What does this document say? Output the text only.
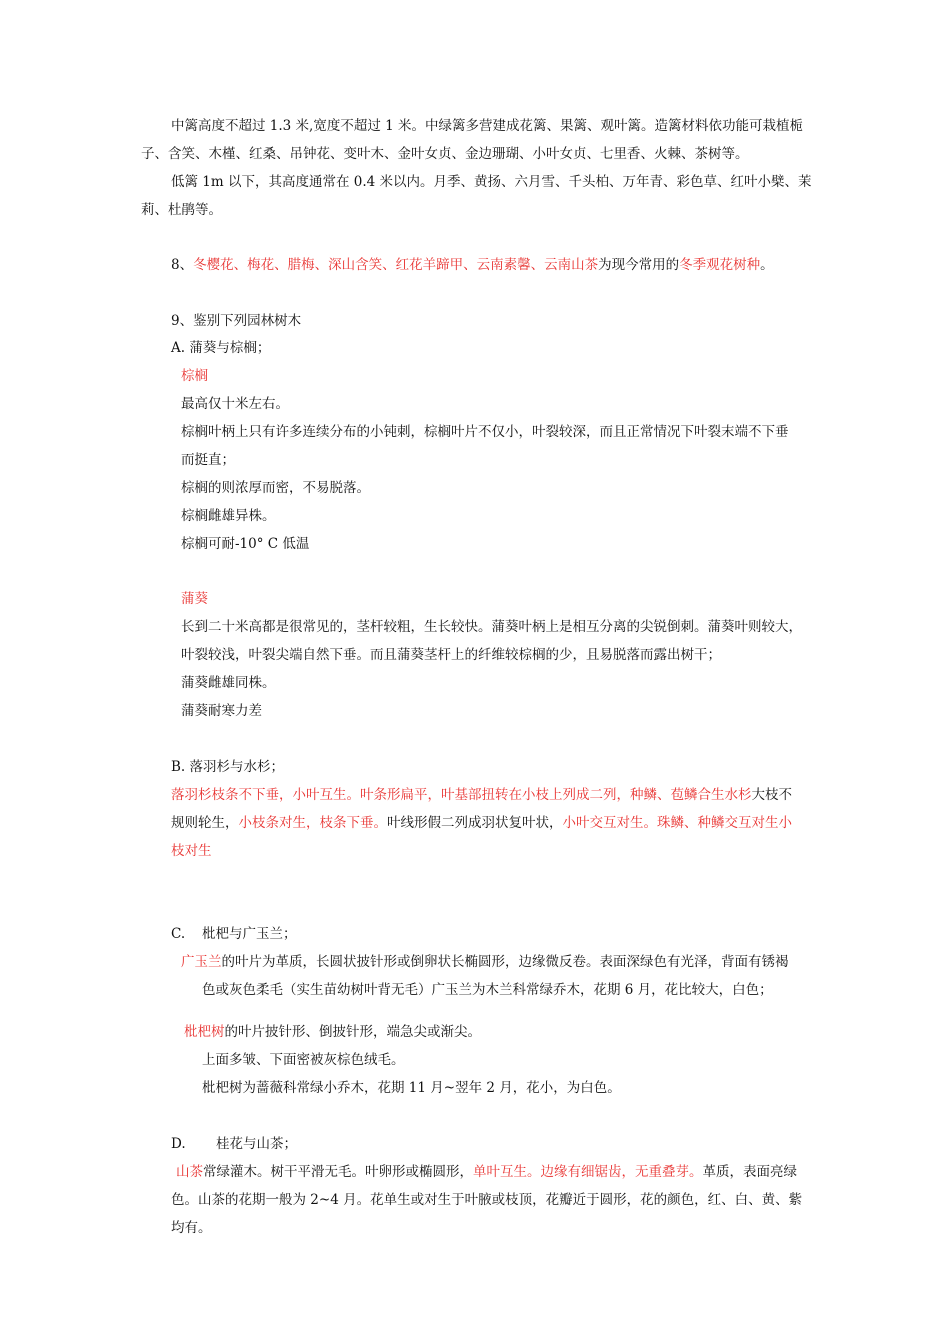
中篱高度不超过 1.3 米,宽度不超过 1 米。中绿篱多营建成花篱、果篱、观叶篱。造篱材料依功能可栽植栀
子、含笑、木槿、红桑、吊钟花、变叶木、金叶女贞、金边珊瑚、小叶女贞、七里香、火棘、茶树等。
低篱 1m 以下，其高度通常在 0.4 米以内。月季、黄扬、六月雪、千头柏、万年青、彩色草、红叶小檗、茉
莉、杜鹃等。
8、冬樱花、梅花、腊梅、深山含笑、红花羊蹄甲、云南素馨、云南山茶为现今常用的冬季观花树种。
9、鉴别下列园林树木
A. 蒲葵与棕榈；
棕榈
最高仅十米左右。
棕榈叶柄上只有许多连续分布的小钝刺，棕榈叶片不仅小，叶裂较深，而且正常情况下叶裂末端不下垂
而挺直；
棕榈的则浓厚而密，不易脱落。
棕榈雌雄异株。
棕榈可耐-10° C 低温
蒲葵
长到二十米高都是很常见的，茎杆较粗，生长较快。蒲葵叶柄上是相互分离的尖锐倒刺。蒲葵叶则较大，
叶裂较浅，叶裂尖端自然下垂。而且蒲葵茎杆上的纤维较棕榈的少，且易脱落而露出树干；
蒲葵雌雄同株。
蒲葵耐寒力差
B. 落羽杉与水杉；
落羽杉枝条不下垂，小叶互生。叶条形扁平，叶基部扭转在小枝上列成二列，种鳞、苞鳞合生水杉大枝不
规则轮生，小枝条对生，枝条下垂。叶线形假二列成羽状复叶状，小叶交互对生。珠鳞、种鳞交互对生小
枝对生
C. 枇杷与广玉兰；
广玉兰的叶片为革质，长圆状披针形或倒卵状长椭圆形，边缘微反卷。表面深绿色有光泽，背面有锈褐
色或灰色柔毛（实生苗幼树叶背无毛）广玉兰为木兰科常绿乔木，花期 6 月，花比较大，白色；
枇杷树的叶片披针形、倒披针形，端急尖或渐尖。
上面多皱、下面密被灰棕色绒毛。
枇杷树为蔷薇科常绿小乔木，花期 11 月~翌年 2 月，花小，为白色。
D. 桂花与山茶；
山茶常绿灌木。树干平滑无毛。叶卵形或椭圆形，单叶互生。边缘有细锯齿，无重叠芽。革质，表面亮绿
色。山茶的花期一般为 2~4 月。花单生或对生于叶腋或枝顶，花瓣近于圆形，花的颜色，红、白、黄、紫
均有。
